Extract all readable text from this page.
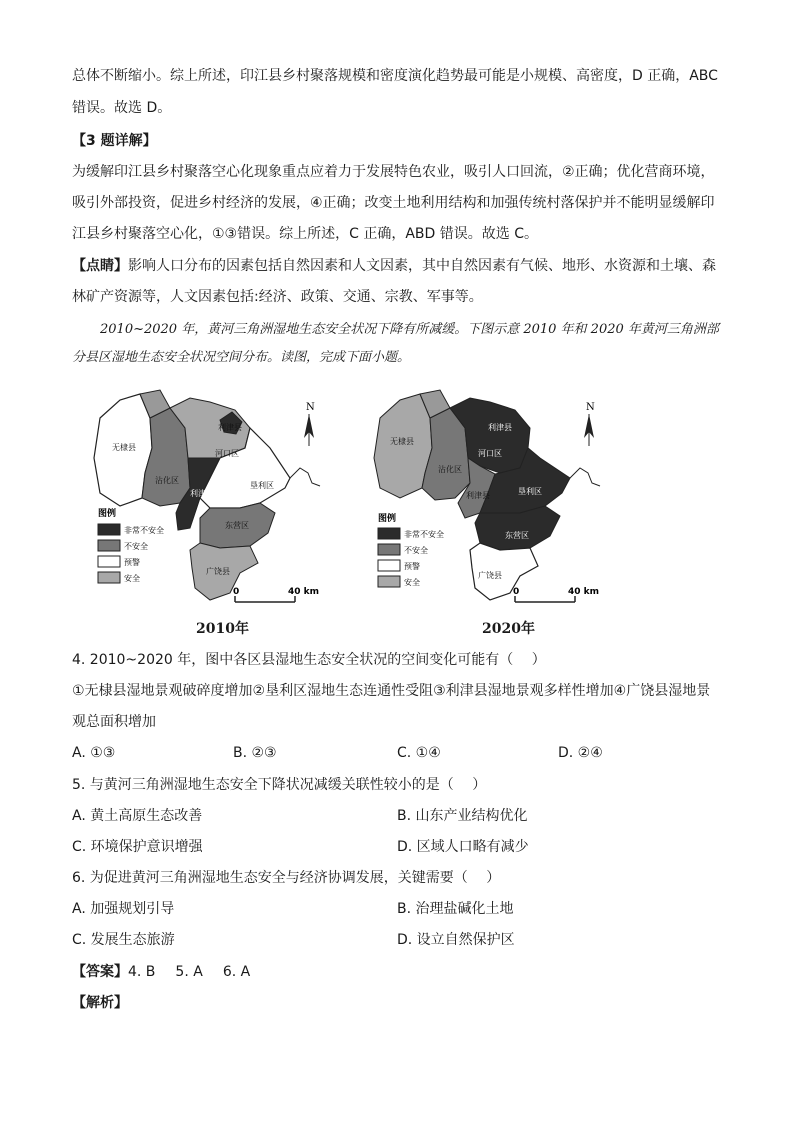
总体不断缩小。综上所述，印江县乡村聚落规模和密度演化趋势最可能是小规模、高密度，D 正确，ABC
错误。故选 D。
【3 题详解】
为缓解印江县乡村聚落空心化现象重点应着力于发展特色农业，吸引人口回流，②正确；优化营商环境，
吸引外部投资，促进乡村经济的发展，④正确；改变土地利用结构和加强传统村落保护并不能明显缓解印
江县乡村聚落空心化，①③错误。综上所述，C 正确，ABD 错误。故选 C。
【点睛】影响人口分布的因素包括自然因素和人文因素，其中自然因素有气候、地形、水资源和土壤、森
林矿产资源等，人文因素包括:经济、政策、交通、宗教、军事等。
2010~2020 年，黄河三角洲湿地生态安全状况下降有所减缓。下图示意 2010 年和 2020 年黄河三角洲部
分县区湿地生态安全状况空间分布。读图，完成下面小题。
无棣县
沾化区
利津县
河口区
利津县
垦利区
东营区
广饶县
N
0	40 km
图例
非常不安全
不安全
预警
安全
无棣县
沾化区
河口区
利津县
利津县	垦利区
东营区
广饶县
N
0	40 km
图例
非常不安全
不安全
预警
安全
2010年	2020年
4. 2010~2020 年，图中各区县湿地生态安全状况的空间变化可能有（　 ）
①无棣县湿地景观破碎度增加②垦利区湿地生态连通性受阻③利津县湿地景观多样性增加④广饶县湿地景
观总面积增加
A. ①③	B. ②③	C. ①④	D. ②④
5. 与黄河三角洲湿地生态安全下降状况减缓关联性较小的是（　 ）
A. 黄土高原生态改善	B. 山东产业结构优化
C. 环境保护意识增强	D. 区域人口略有减少
6. 为促进黄河三角洲湿地生态安全与经济协调发展，关键需要（　 ）
A. 加强规划引导	B. 治理盐碱化土地
C. 发展生态旅游	D. 设立自然保护区
【答案】4. B 5. A 6. A
【解析】
